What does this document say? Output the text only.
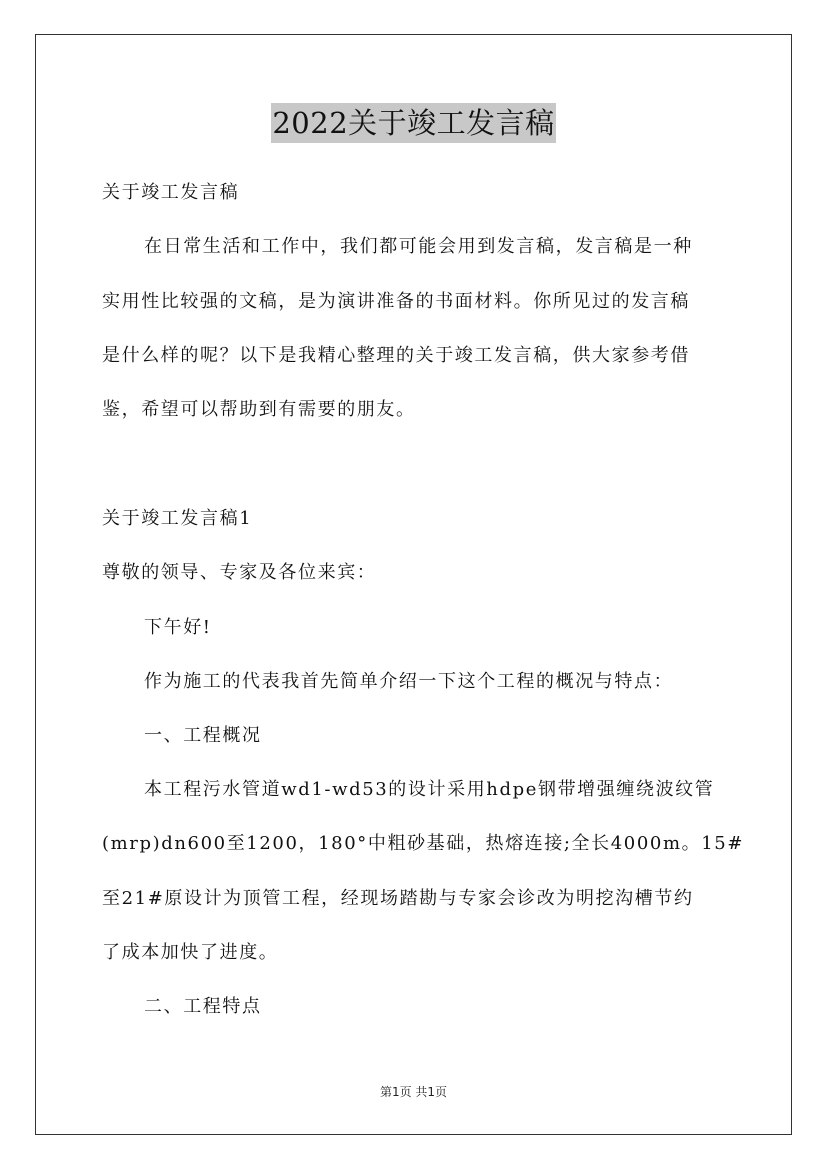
2022关于竣工发言稿
关于竣工发言稿
在日常生活和工作中，我们都可能会用到发言稿，发言稿是一种
实用性比较强的文稿，是为演讲准备的书面材料。你所见过的发言稿
是什么样的呢？以下是我精心整理的关于竣工发言稿，供大家参考借
鉴，希望可以帮助到有需要的朋友。
关于竣工发言稿1
尊敬的领导、专家及各位来宾：
下午好!
作为施工的代表我首先简单介绍一下这个工程的概况与特点：
一、工程概况
本工程污水管道wd1-wd53的设计采用hdpe钢带增强缠绕波纹管
(mrp)dn600至1200，180°中粗砂基础，热熔连接;全长4000m。15#
至21#原设计为顶管工程，经现场踏勘与专家会诊改为明挖沟槽节约
了成本加快了进度。
二、工程特点
第1页 共1页
